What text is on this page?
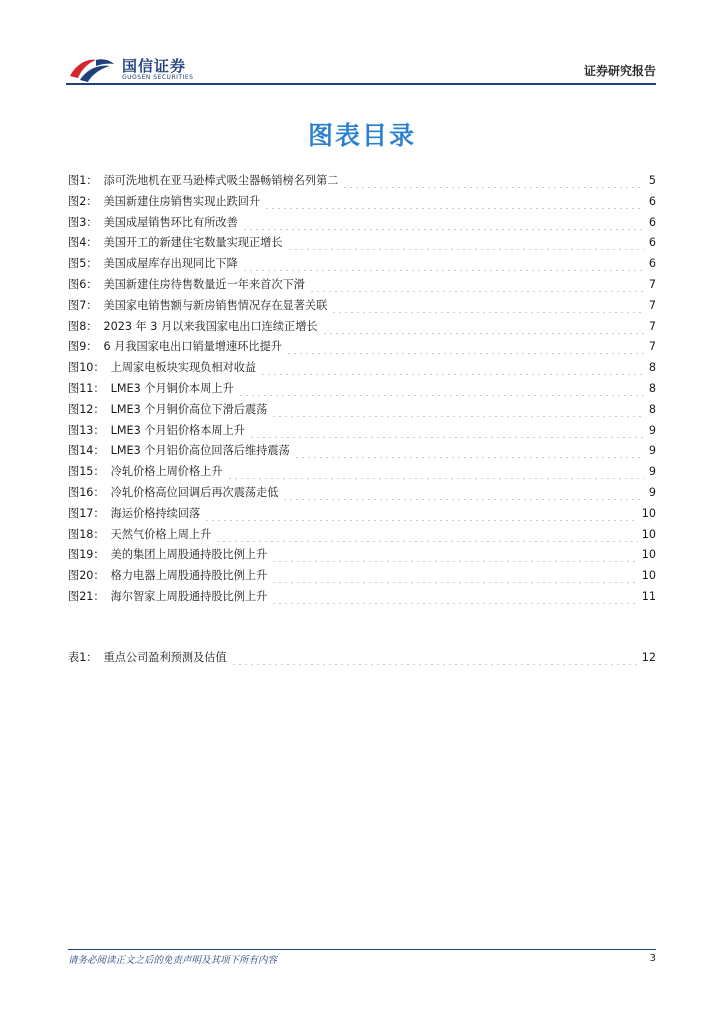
国信证券
GUOSEN SECURITIES	证券研究报告
图表目录
图1： 添可洗地机在亚马逊棒式吸尘器畅销榜名列第二	5
图2： 美国新建住房销售实现止跌回升	6
图3： 美国成屋销售环比有所改善	6
图4： 美国开工的新建住宅数量实现正增长	6
图5： 美国成屋库存出现同比下降	6
图6： 美国新建住房待售数量近一年来首次下滑	7
图7： 美国家电销售额与新房销售情况存在显著关联	7
图8： 2023 年 3 月以来我国家电出口连续正增长	7
图9： 6 月我国家电出口销量增速环比提升	7
图10： 上周家电板块实现负相对收益	8
图11： LME3 个月铜价本周上升	8
图12： LME3 个月铜价高位下滑后震荡	8
图13： LME3 个月铝价格本周上升	9
图14： LME3 个月铝价高位回落后维持震荡	9
图15： 冷轧价格上周价格上升	9
图16： 冷轧价格高位回调后再次震荡走低	9
图17： 海运价格持续回落	10
图18： 天然气价格上周上升	10
图19： 美的集团上周股通持股比例上升	10
图20： 格力电器上周股通持股比例上升	10
图21： 海尔智家上周股通持股比例上升	11
表1： 重点公司盈利预测及估值	12
请务必阅读正文之后的免责声明及其项下所有内容	3
